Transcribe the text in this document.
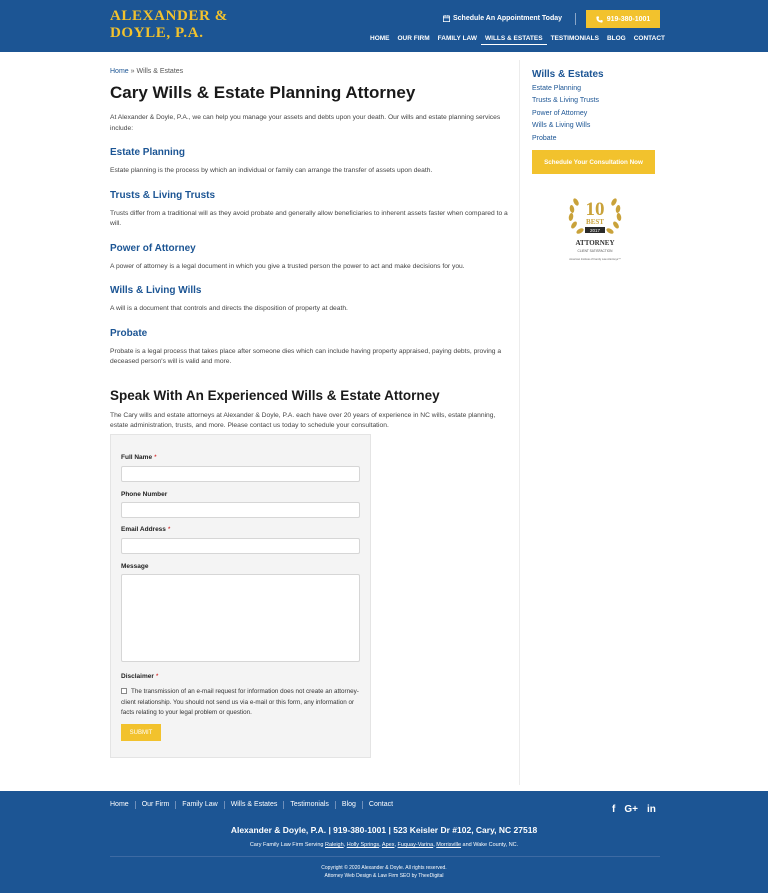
ALEXANDER &
DOYLE, P.A.
Schedule An Appointment Today	919-380-1001
HOME	OUR FIRM	FAMILY LAW	WILLS & ESTATES	TESTIMONIALS	BLOG	CONTACT
Home » Wills & Estates
Cary Wills & Estate Planning Attorney

At Alexander & Doyle, P.A., we can help you manage your assets and debts upon your death. Our wills and estate planning services include:

Estate Planning

Estate planning is the process by which an individual or family can arrange the transfer of assets upon death.

Trusts & Living Trusts

Trusts differ from a traditional will as they avoid probate and generally allow beneficiaries to inherent assets faster when compared to a will.

Power of Attorney

A power of attorney is a legal document in which you give a trusted person the power to act and make decisions for you.

Wills & Living Wills

A will is a document that controls and directs the disposition of property at death.

Probate

Probate is a legal process that takes place after someone dies which can include having property appraised, paying debts, proving a deceased person's will is valid and more.

Speak With An Experienced Wills & Estate Attorney

The Cary wills and estate attorneys at Alexander & Doyle, P.A. each have over 20 years of experience in NC wills, estate planning, estate administration, trusts, and more. Please contact us today to schedule your consultation.

Full Name *
Phone Number
Email Address *
Message
Disclaimer *
The transmission of an e-mail request for information does not create an attorney-client relationship. You should not send us via e-mail or this form, any information or facts relating to your legal problem or question.
SUBMIT
Wills & Estates
Estate Planning
Trusts & Living Trusts
Power of Attorney
Wills & Living Wills
Probate
Schedule Your Consultation Now
10
BEST
2017
ATTORNEY
CLIENT SATISFACTION
American Institute of Family Law Attorneys™
Home Our Firm Family Law Wills & Estates Testimonials Blog Contact	f G+ in
Alexander & Doyle, P.A. | 919-380-1001 | 523 Keisler Dr #102, Cary, NC 27518
Cary Family Law Firm Serving Raleigh, Holly Springs, Apex, Fuquay-Varina, Morrisville and Wake County, NC.
Copyright © 2020 Alexander & Doyle. All rights reserved.
Attorney Web Design & Law Firm SEO by TheeDigital
